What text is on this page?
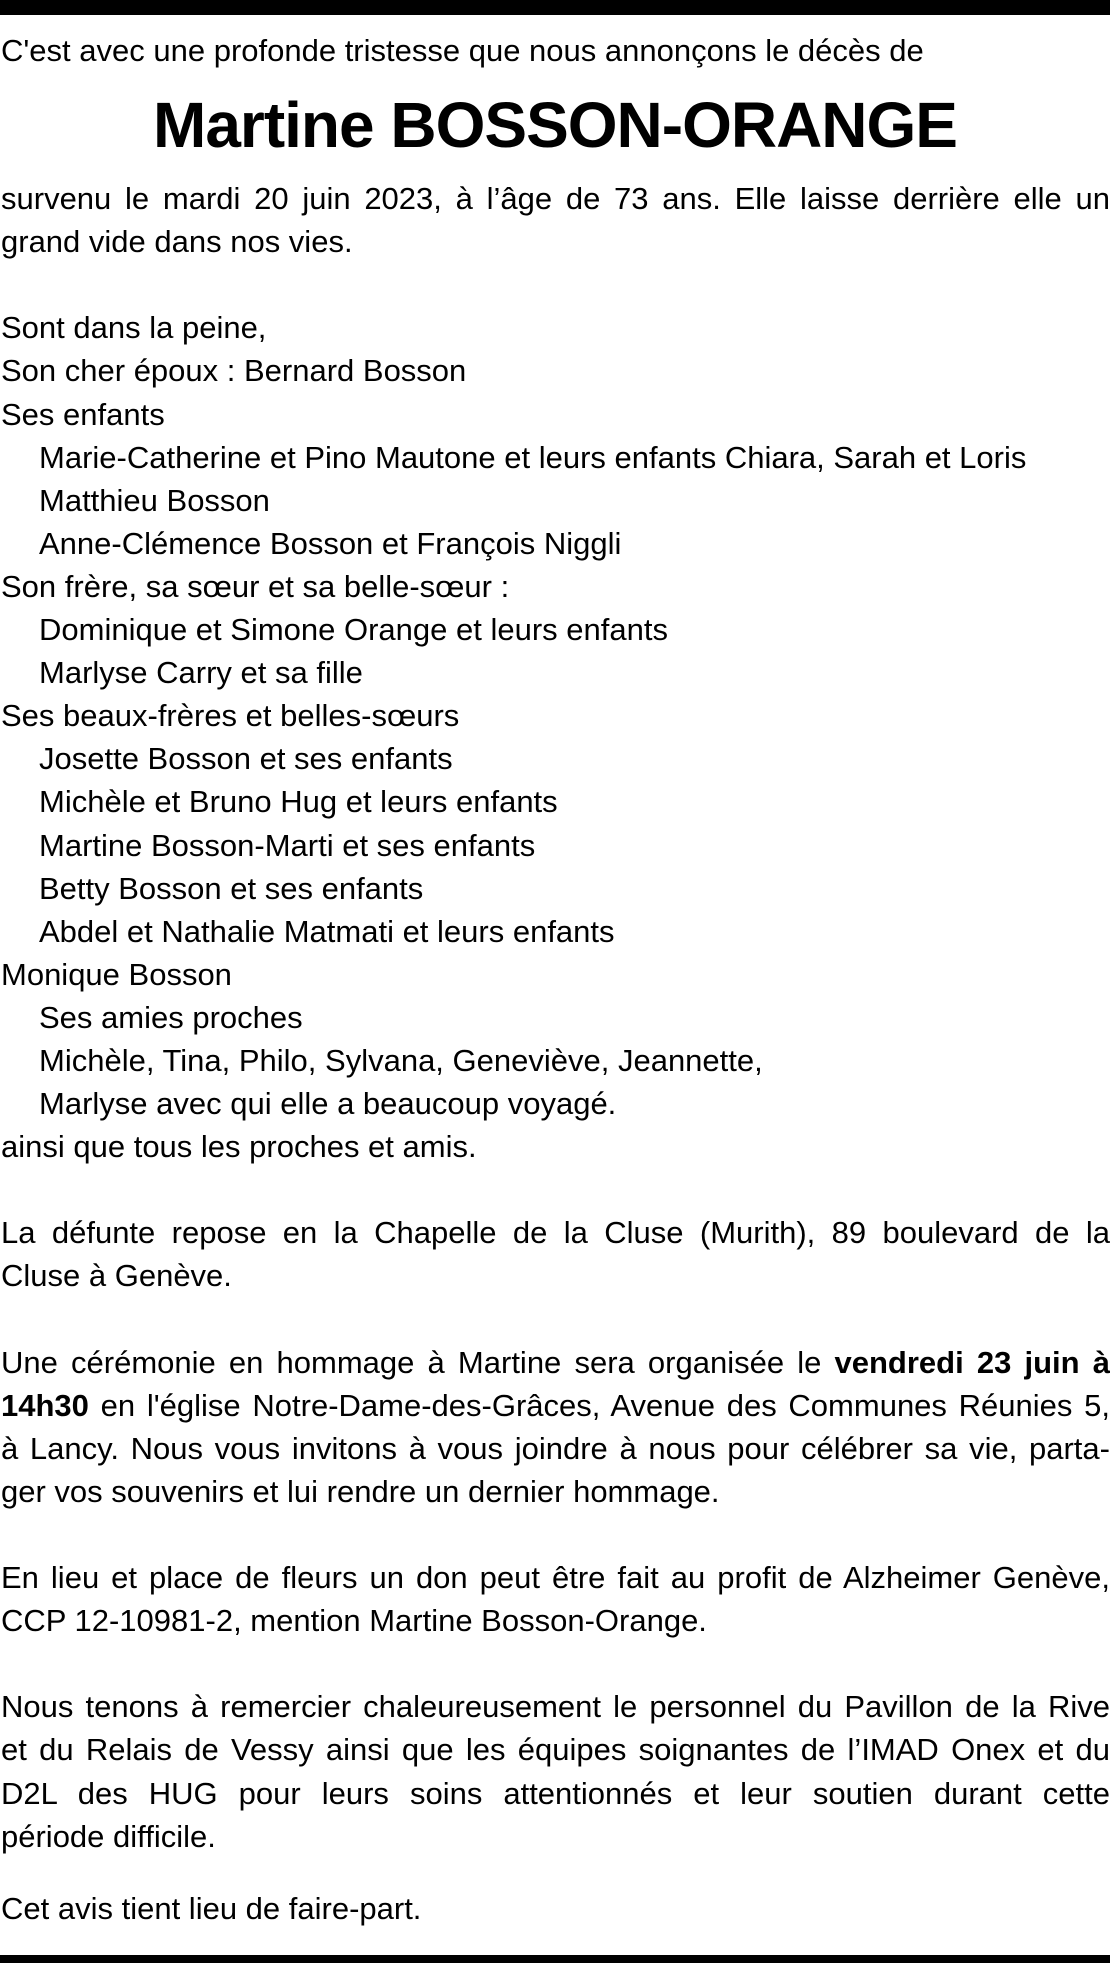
C'est avec une profonde tristesse que nous annonçons le décès de
Martine BOSSON-ORANGE
survenu le mardi 20 juin 2023, à l’âge de 73 ans. Elle laisse derrière elle un
grand vide dans nos vies.
Sont dans la peine,
Son cher époux : Bernard Bosson
Ses enfants
Marie-Catherine et Pino Mautone et leurs enfants Chiara, Sarah et Loris
Matthieu Bosson
Anne-Clémence Bosson et François Niggli
Son frère, sa sœur et sa belle-sœur :
Dominique et Simone Orange et leurs enfants
Marlyse Carry et sa fille
Ses beaux-frères et belles-sœurs
Josette Bosson et ses enfants
Michèle et Bruno Hug et leurs enfants
Martine Bosson-Marti et ses enfants
Betty Bosson et ses enfants
Abdel et Nathalie Matmati et leurs enfants
Monique Bosson
Ses amies proches
Michèle, Tina, Philo, Sylvana, Geneviève, Jeannette,
Marlyse avec qui elle a beaucoup voyagé.
ainsi que tous les proches et amis.
La défunte repose en la Chapelle de la Cluse (Murith), 89 boulevard de la
Cluse à Genève.
Une cérémonie en hommage à Martine sera organisée le vendredi 23 juin à
14h30 en l'église Notre-Dame-des-Grâces, Avenue des Communes Réunies 5,
à Lancy. Nous vous invitons à vous joindre à nous pour célébrer sa vie, parta-
ger vos souvenirs et lui rendre un dernier hommage.
En lieu et place de fleurs un don peut être fait au profit de Alzheimer Genève,
CCP 12-10981-2, mention Martine Bosson-Orange.
Nous tenons à remercier chaleureusement le personnel du Pavillon de la Rive
et du Relais de Vessy ainsi que les équipes soignantes de l’IMAD Onex et du
D2L des HUG pour leurs soins attentionnés et leur soutien durant cette
période difficile.
Cet avis tient lieu de faire-part.
